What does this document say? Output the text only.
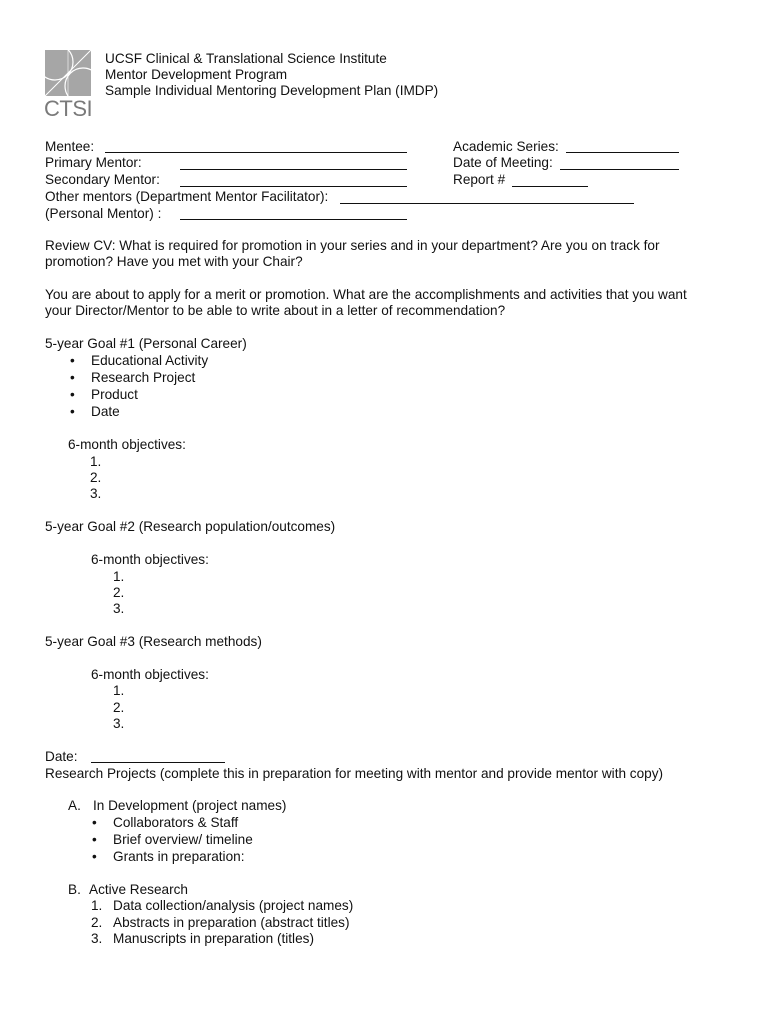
CTSI
UCSF Clinical & Translational Science Institute
Mentor Development Program
Sample Individual Mentoring Development Plan (IMDP)
Mentee:
Primary Mentor:
Secondary Mentor:
Other mentors (Department Mentor Facilitator):
(Personal Mentor) :
Academic Series:
Date of Meeting:
Report #
Review CV: What is required for promotion in your series and in your department? Are you on track for
promotion? Have you met with your Chair?
You are about to apply for a merit or promotion. What are the accomplishments and activities that you want
your Director/Mentor to be able to write about in a letter of recommendation?
5-year Goal #1 (Personal Career)
• Educational Activity
• Research Project
• Product
• Date
6-month objectives:
1.
2.
3.
5-year Goal #2 (Research population/outcomes)
6-month objectives:
1.
2.
3.
5-year Goal #3 (Research methods)
6-month objectives:
1.
2.
3.
Date:
Research Projects (complete this in preparation for meeting with mentor and provide mentor with copy)
A. In Development (project names)
• Collaborators & Staff
• Brief overview/ timeline
• Grants in preparation:
B. Active Research
1. Data collection/analysis (project names)
2. Abstracts in preparation (abstract titles)
3. Manuscripts in preparation (titles)
